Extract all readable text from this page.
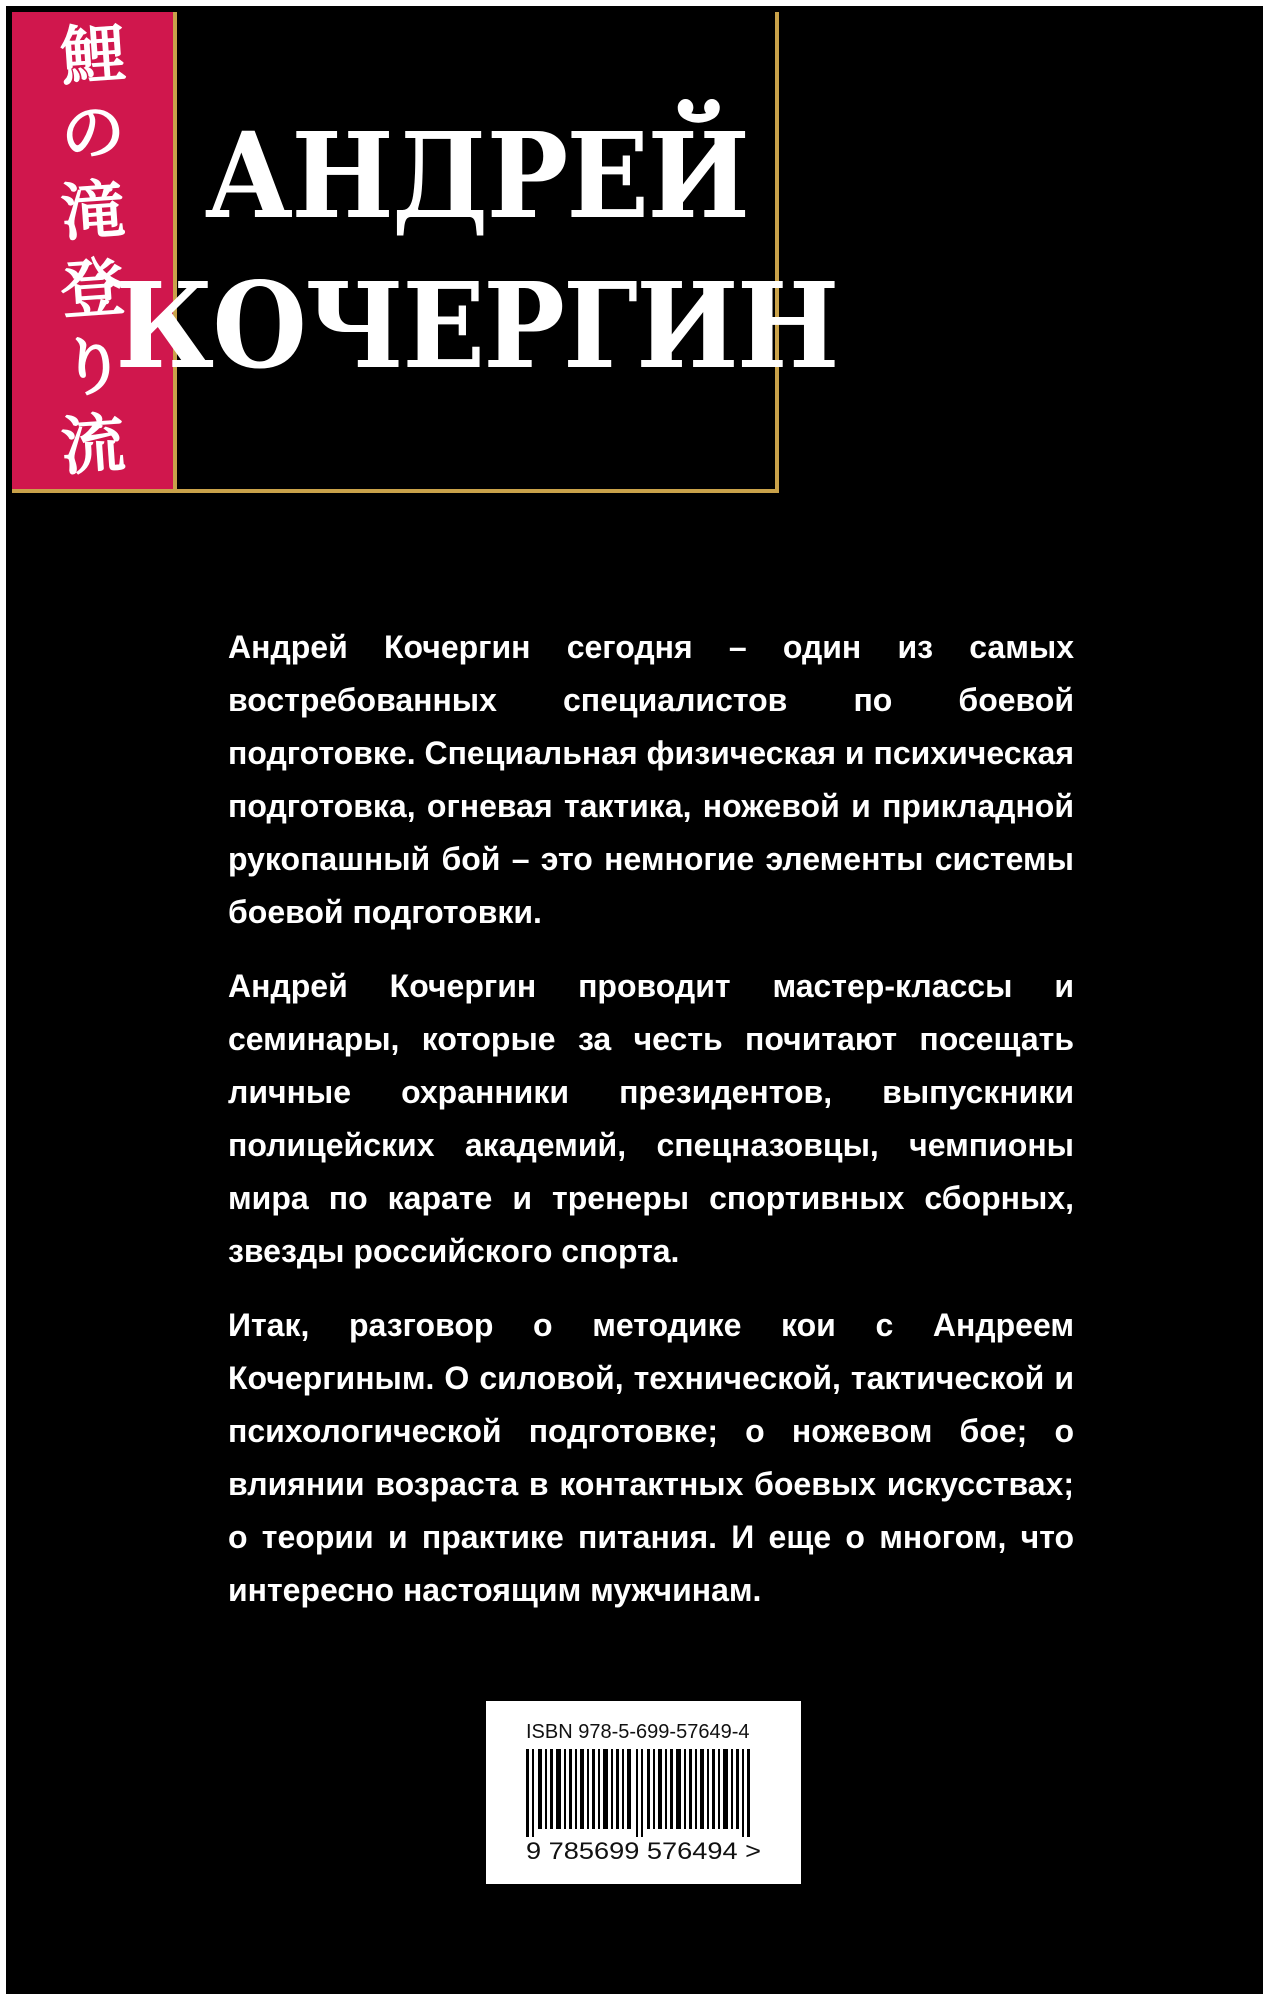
鯉
の
滝
登
り
流
АНДРЕЙ
КОЧЕРГИН

Андрей Кочергин сегодня – один из самых востребованных специалистов по боевой подготовке. Специальная физическая и психическая подготовка, огневая тактика, ножевой и прикладной рукопашный бой – это немногие элементы системы боевой подготовки.

Андрей Кочергин проводит мастер-классы и семинары, которые за честь почитают посещать личные охранники президентов, выпускники полицейских академий, спецназовцы, чемпионы мира по карате и тренеры спортивных сборных, звезды российского спорта.

Итак, разговор о методике кои с Андреем Кочергиным. О силовой, технической, тактической и психологической подготовке; о ножевом бое; о влиянии возраста в контактных боевых искусствах; о теории и практике питания. И еще о многом, что интересно настоящим мужчинам.

ISBN 978-5-699-57649-4
9 785699 576494 >
